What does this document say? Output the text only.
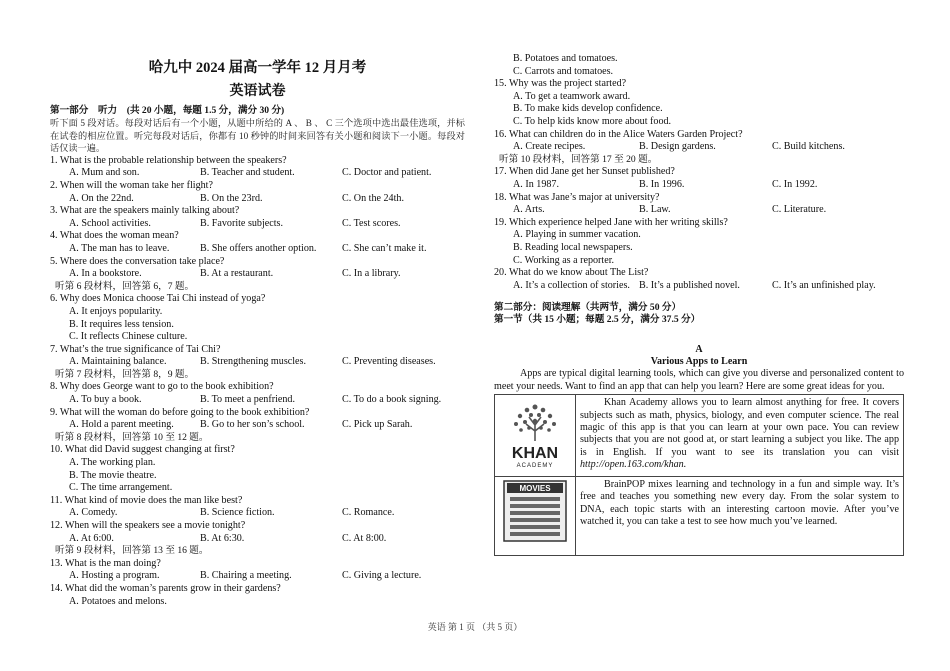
哈九中 2024 届高一学年 12 月月考
英语试卷
第一部分　听力　(共 20 小题，每题 1.5 分，满分 30 分)
听下面 5 段对话。每段对话后有一个小题，从题中所给的 A 、 B 、 C 三个选项中选出最佳选项，并标在试卷的相应位置。听完每段对话后，你都有 10 秒钟的时间来回答有关小题和阅读下一小题。每段对话仅读一遍。
1. What is the probable relationship between the speakers?
A. Mum and son.	B. Teacher and student.	C. Doctor and patient.
2. When will the woman take her flight?
A. On the 22nd.	B. On the 23rd.	C. On the 24th.
3. What are the speakers mainly talking about?
A. School activities.	B. Favorite subjects.	C. Test scores.
4. What does the woman mean?
A. The man has to leave.	B. She offers another option.	C. She can’t make it.
5. Where does the conversation take place?
A. In a bookstore.	B. At a restaurant.	C. In a library.
听第 6 段材料，回答第 6，7 题。
6. Why does Monica choose Tai Chi instead of yoga?
A. It enjoys popularity.
B. It requires less tension.
C. It reflects Chinese culture.
7. What’s the true significance of Tai Chi?
A. Maintaining balance.	B. Strengthening muscles.	C. Preventing diseases.
听第 7 段材料，回答第 8，9 题。
8. Why does George want to go to the book exhibition?
A. To buy a book.	B. To meet a penfriend.	C. To do a book signing.
9. What will the woman do before going to the book exhibition?
A. Hold a parent meeting.	B. Go to her son’s school.	C. Pick up Sarah.
听第 8 段材料，回答第 10 至 12 题。
10. What did David suggest changing at first?
A. The working plan.
B. The movie theatre.
C. The time arrangement.
11. What kind of movie does the man like best?
A. Comedy.	B. Science fiction.	C. Romance.
12. When will the speakers see a movie tonight?
A. At 6:00.	B. At 6:30.	C. At 8:00.
听第 9 段材料，回答第 13 至 16 题。
13. What is the man doing?
A. Hosting a program.	B. Chairing a meeting.	C. Giving a lecture.
14. What did the woman’s parents grow in their gardens?
A. Potatoes and melons.
B. Potatoes and tomatoes.
C. Carrots and tomatoes.
15. Why was the project started?
A. To get a teamwork award.
B. To make kids develop confidence.
C. To help kids know more about food.
16. What can children do in the Alice Waters Garden Project?
A. Create recipes.	B. Design gardens.	C. Build kitchens.
听第 10 段材料，回答第 17 至 20 题。
17. When did Jane get her Sunset published?
A. In 1987.	B. In 1996.	C. In 1992.
18. What was Jane’s major at university?
A. Arts.	B. Law.	C. Literature.
19. Which experience helped Jane with her writing skills?
A. Playing in summer vacation.
B. Reading local newspapers.
C. Working as a reporter.
20. What do we know about The List?
A. It’s a collection of stories. B. It’s a published novel.	C. It’s an unfinished play.
第二部分：阅读理解（共两节，满分 50 分）
第一节（共 15 小题；每题 2.5 分，满分 37.5 分）
A
Various Apps to Learn
Apps are typical digital learning tools, which can give you diverse and personalized content to meet your needs. Want to find an app that can help you learn? Here are some great ideas for you.
KHAN
ACADEMY	Khan Academy allows you to learn almost anything for free. It covers subjects such as math, physics, biology, and even computer science. The real magic of this app is that you can learn at your own pace. You can review subjects that you are not good at, or start learning a subject you like. The app is in English. If you want to see its translation you can visit http://open.163.com/khan.

MOVIES	BrainPOP mixes learning and technology in a fun and simple way. It’s free and teaches you something new every day. From the solar system to DNA, each topic starts with an interesting cartoon movie. After you’ve watched it, you can take a test to see how much you’ve learned.
英语 第 1 页 （共 5 页）
